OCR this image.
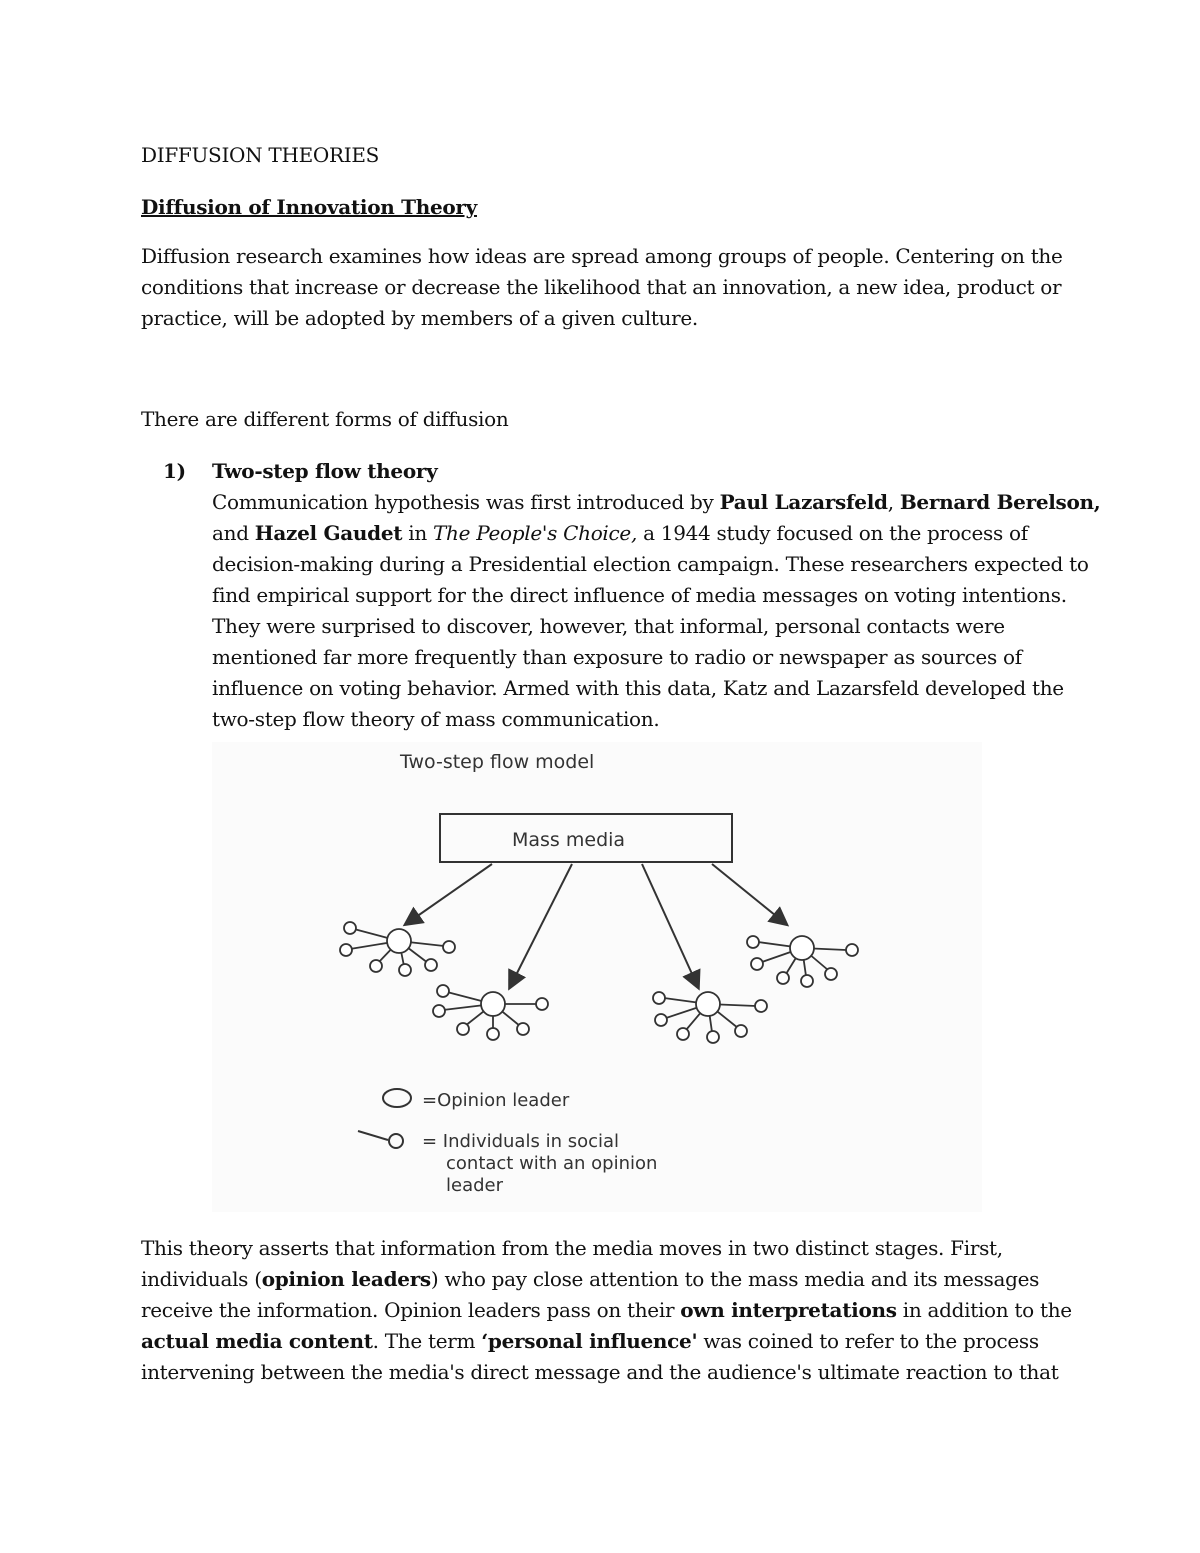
DIFFUSION THEORIES
Diffusion of Innovation Theory
Diffusion research examines how ideas are spread among groups of people. Centering on the
conditions that increase or decrease the likelihood that an innovation, a new idea, product or
practice, will be adopted by members of a given culture.
There are different forms of diffusion
1) Two-step flow theory
Communication hypothesis was first introduced by Paul Lazarsfeld, Bernard Berelson,
and Hazel Gaudet in The People's Choice, a 1944 study focused on the process of
decision-making during a Presidential election campaign. These researchers expected to
find empirical support for the direct influence of media messages on voting intentions.
They were surprised to discover, however, that informal, personal contacts were
mentioned far more frequently than exposure to radio or newspaper as sources of
influence on voting behavior. Armed with this data, Katz and Lazarsfeld developed the
two-step flow theory of mass communication.
Two-step flow model
Mass media
=Opinion leader
= Individuals in social
contact with an opinion
leader
This theory asserts that information from the media moves in two distinct stages. First,
individuals (opinion leaders) who pay close attention to the mass media and its messages
receive the information. Opinion leaders pass on their own interpretations in addition to the
actual media content. The term ‘personal influence' was coined to refer to the process
intervening between the media's direct message and the audience's ultimate reaction to that
